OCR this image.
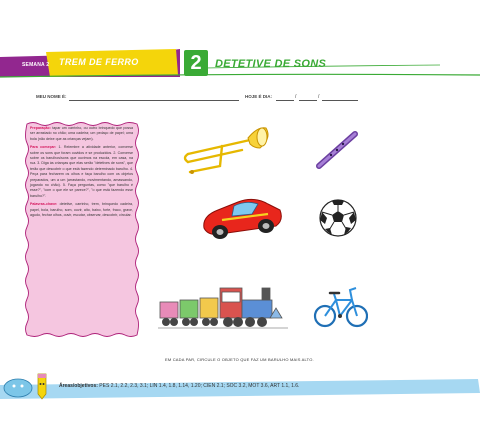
SEMANA 2 TREM DE FERRO	2	DETETIVE DE SONS
MEU NOME É:	HOJE É DIA:	/	/

Preparação: tapar um carrinho, ou outro brinquedo que possa ser arrastado no chão; uma cadeira; um pedaço de papel; uma bola (não deixe que as crianças vejam).

Para começar: 1. Relembre a atividade anterior, converse sobre os sons que foram ouvidos e se produzidos. 2. Converse sobre os barulhos/sons que ouvimos na escola, em casa, na rua. 3. Diga às crianças que elas serão "detetives de sons", que terão que descobrir o que está fazendo determinado barulho. 4. Peça para fecharem os olhos e faça barulho com os objetos preparados, um a um (arrastando, movimentando, amassando, jogando no chão). 5. Faça perguntas, como "que barulho é esse?", "com o que ele se parece?", "o que está fazendo esse barulho?".

Palavras-chave: detetive, carrinho, trem, brinquedo cadeira, papel, bola, barulho, som, ouvir, alto, baixo, forte, fraco, grave, agudo, fechar olhos, ouvir, escutar, observar, descobrir, circular.

EM CADA PAR, CIRCULE O OBJETO QUE FAZ UM BARULHO MAIS ALTO.
Áreas/objetivos: PES 2.1, 2.2, 2.3, 3.1; LIN 1.4, 1.8, 1.14, 1.20; CIEN 2.1; SOC 3.2, MOT 3.6, ART 1.1, 1.6.
